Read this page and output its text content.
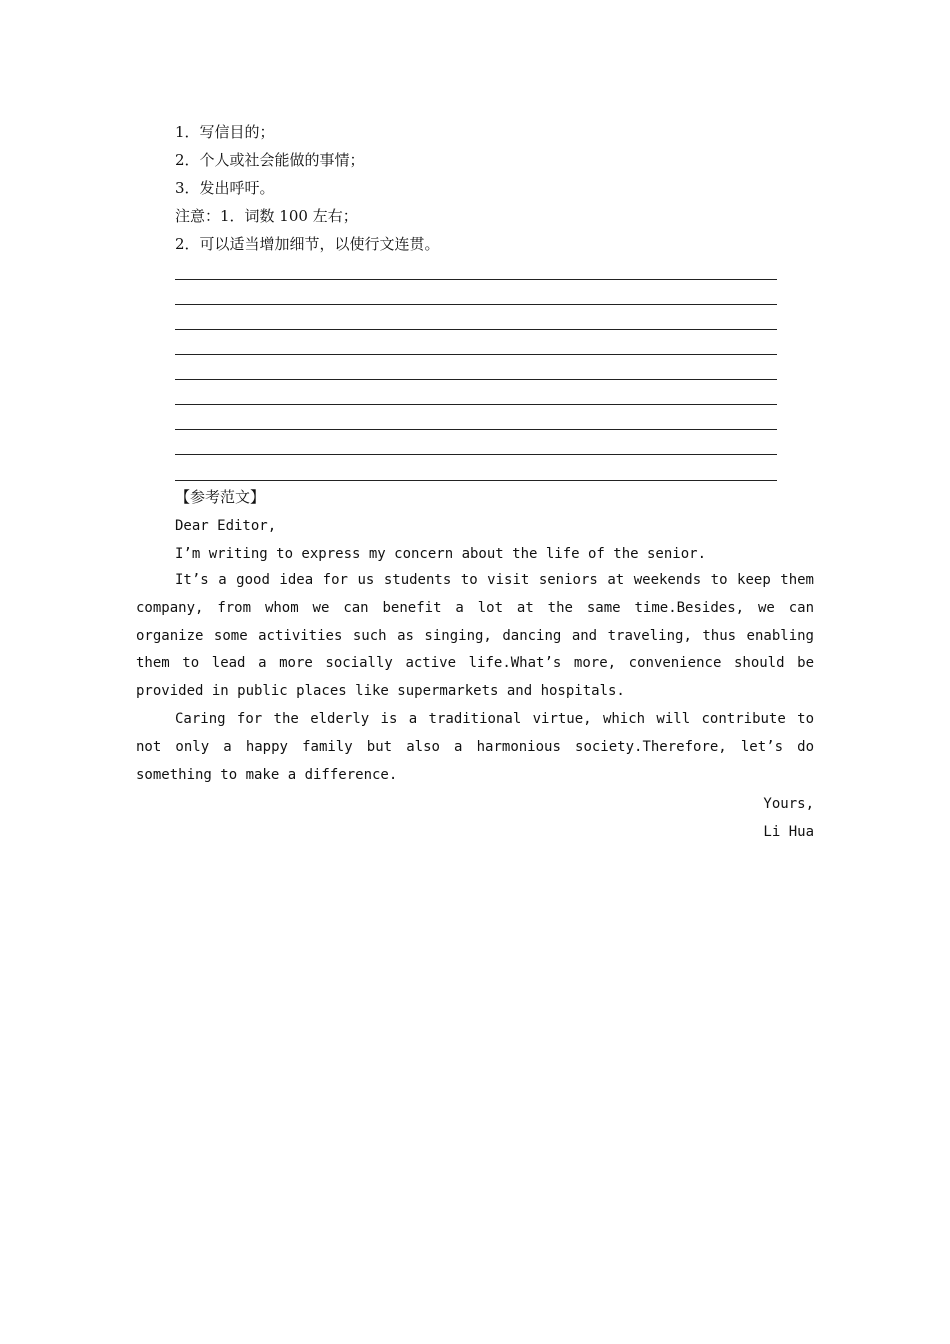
1．写信目的；
2．个人或社会能做的事情；
3．发出呼吁。
注意：1．词数 100 左右；
2．可以适当增加细节，以使行文连贯。
【参考范文】
Dear Editor,
I’m writing to express my concern about the life of the senior.
It’s a good idea for us students to visit seniors at weekends to keep them company, from whom we can benefit a lot at the same time.Besides, we can organize some activities such as singing, dancing and traveling, thus enabling them to lead a more socially active life.What’s more, convenience should be provided in public places like supermarkets and hospitals.
Caring for the elderly is a traditional virtue, which will contribute to not only a happy family but also a harmonious society.Therefore, let’s do something to make a difference.
Yours,
Li Hua
